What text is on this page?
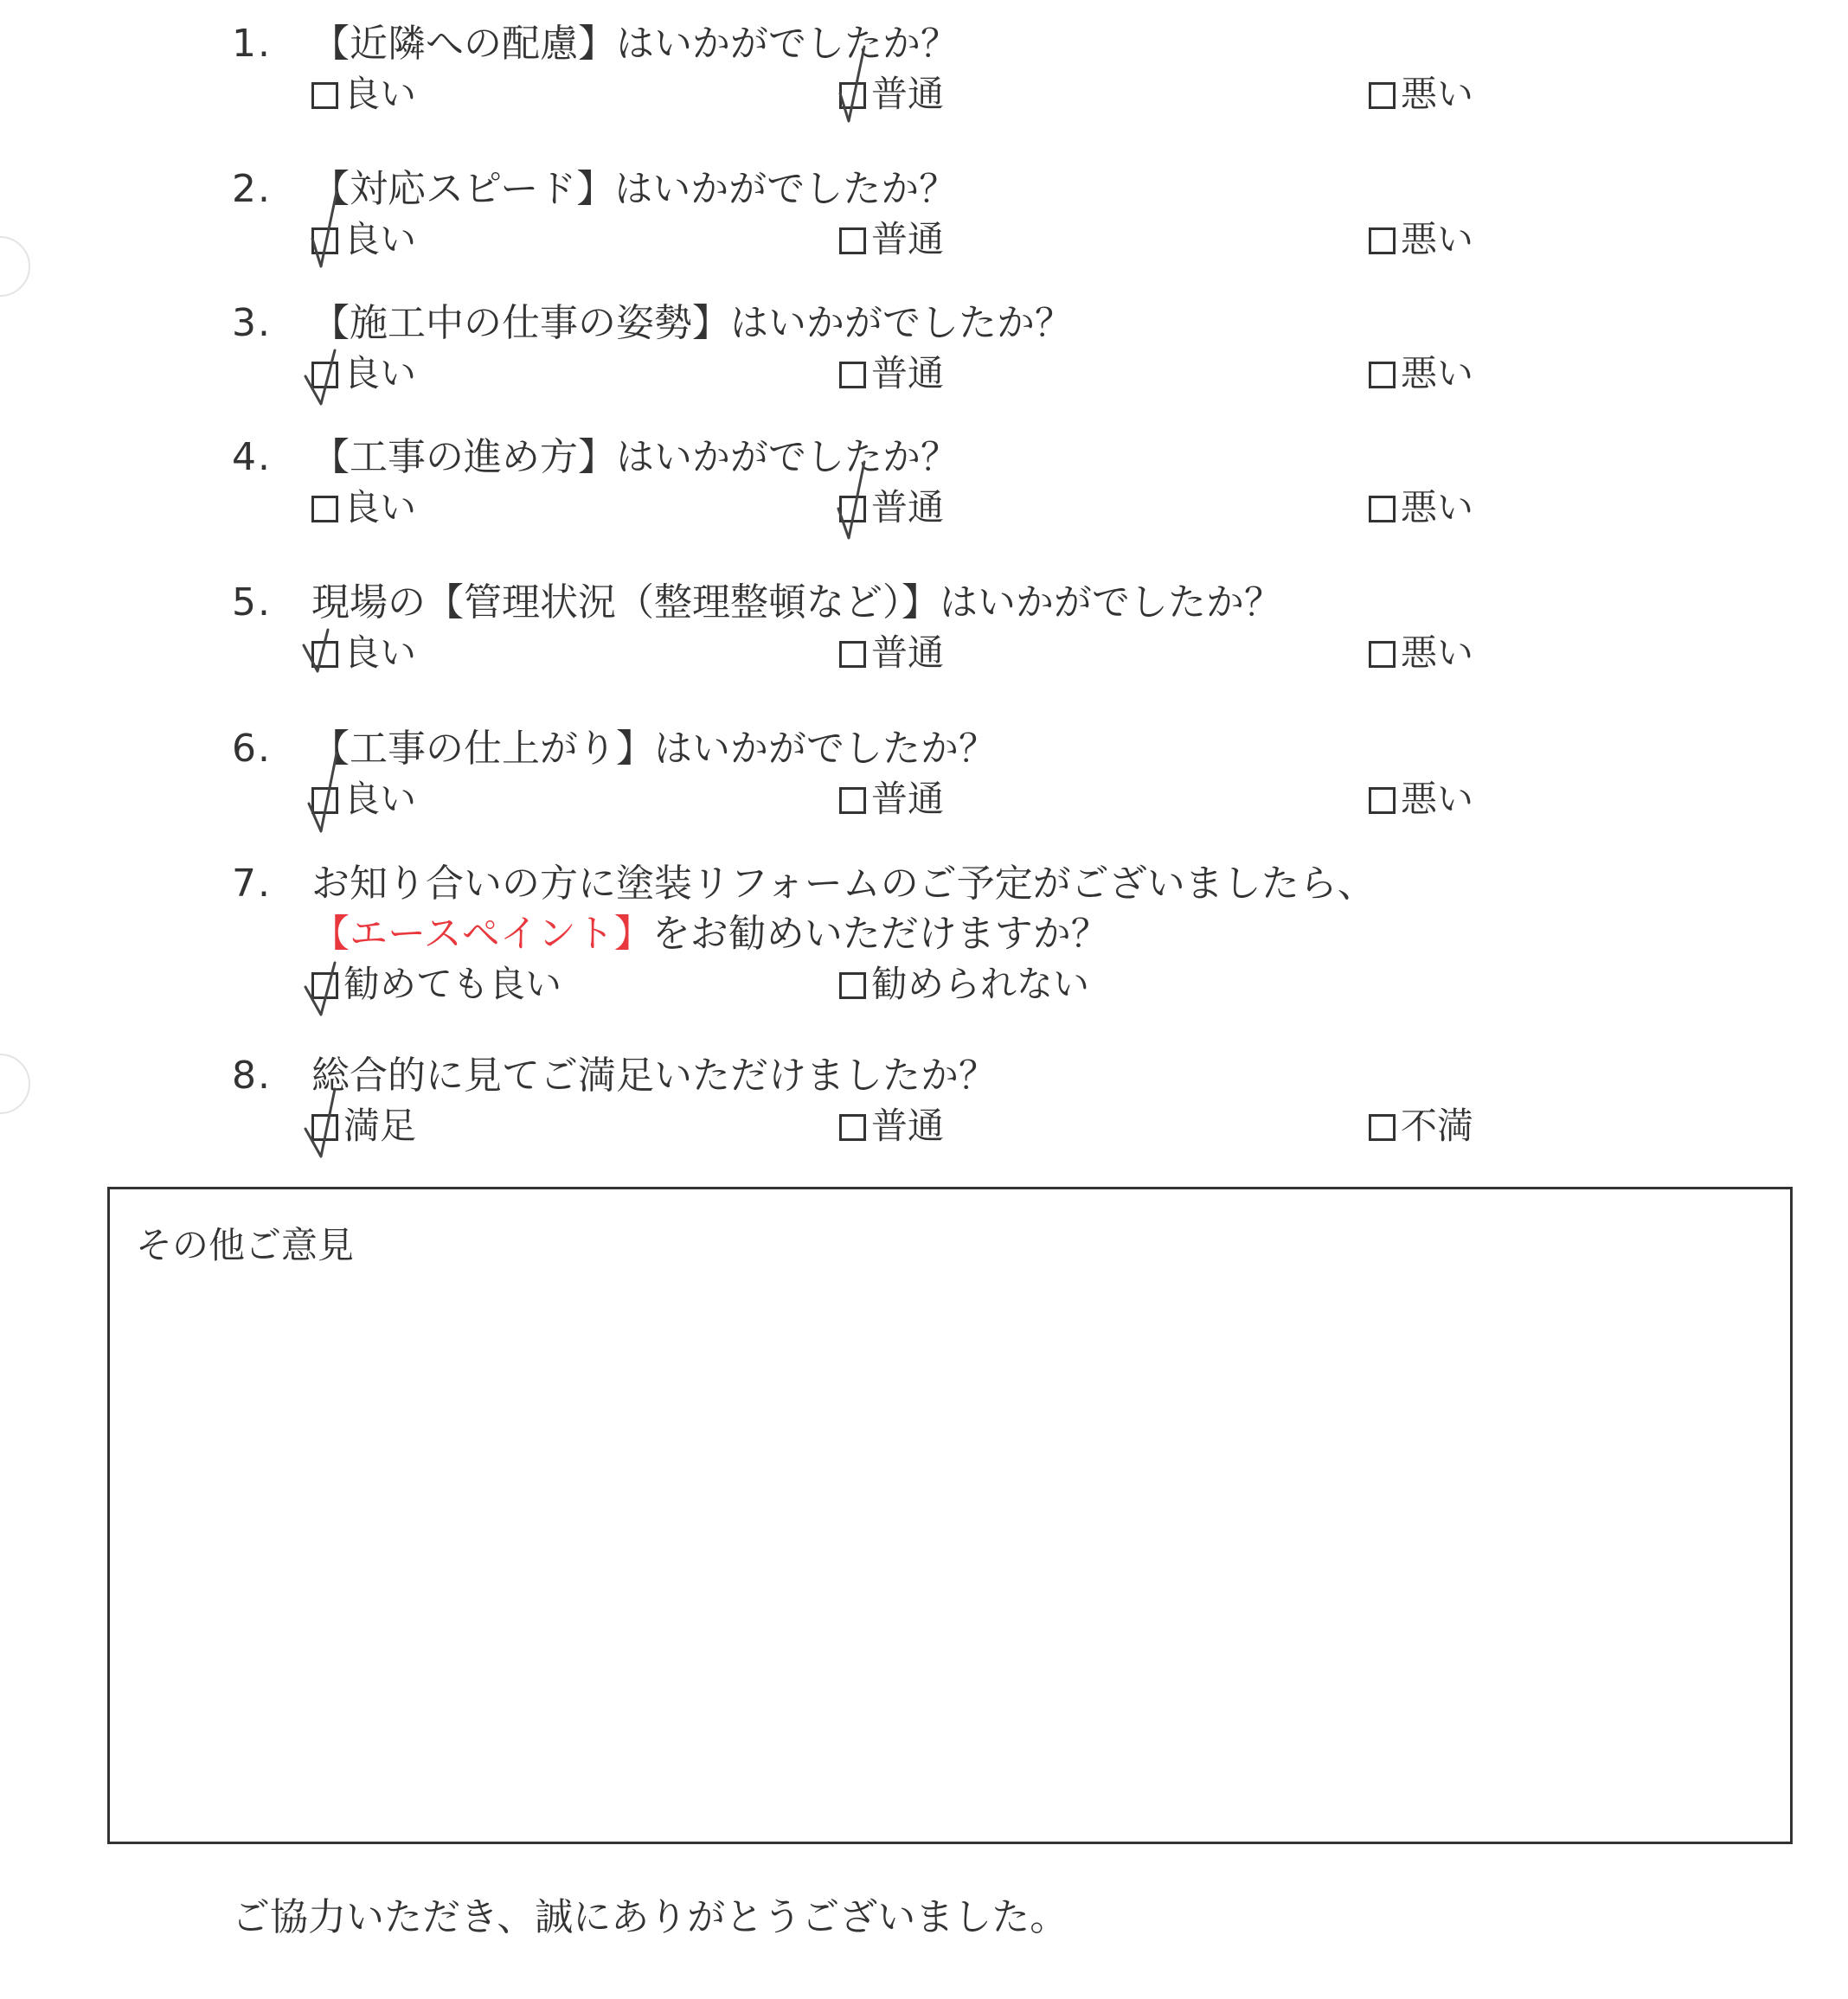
1. 【近隣への配慮】はいかがでしたか？
良い	普通	悪い
2. 【対応スピード】はいかがでしたか？
良い	普通	悪い
3. 【施工中の仕事の姿勢】はいかがでしたか？
良い	普通	悪い
4. 【工事の進め方】はいかがでしたか？
良い	普通	悪い
5. 現場の【管理状況（整理整頓など）】はいかがでしたか？
良い	普通	悪い
6. 【工事の仕上がり】はいかがでしたか？
良い	普通	悪い
7. お知り合いの方に塗装リフォームのご予定がございましたら、
【エースペイント】をお勧めいただけますか？
勧めても良い	勧められない
8. 総合的に見てご満足いただけましたか？
満足	普通	不満
その他ご意見
ご協力いただき、誠にありがとうございました。
